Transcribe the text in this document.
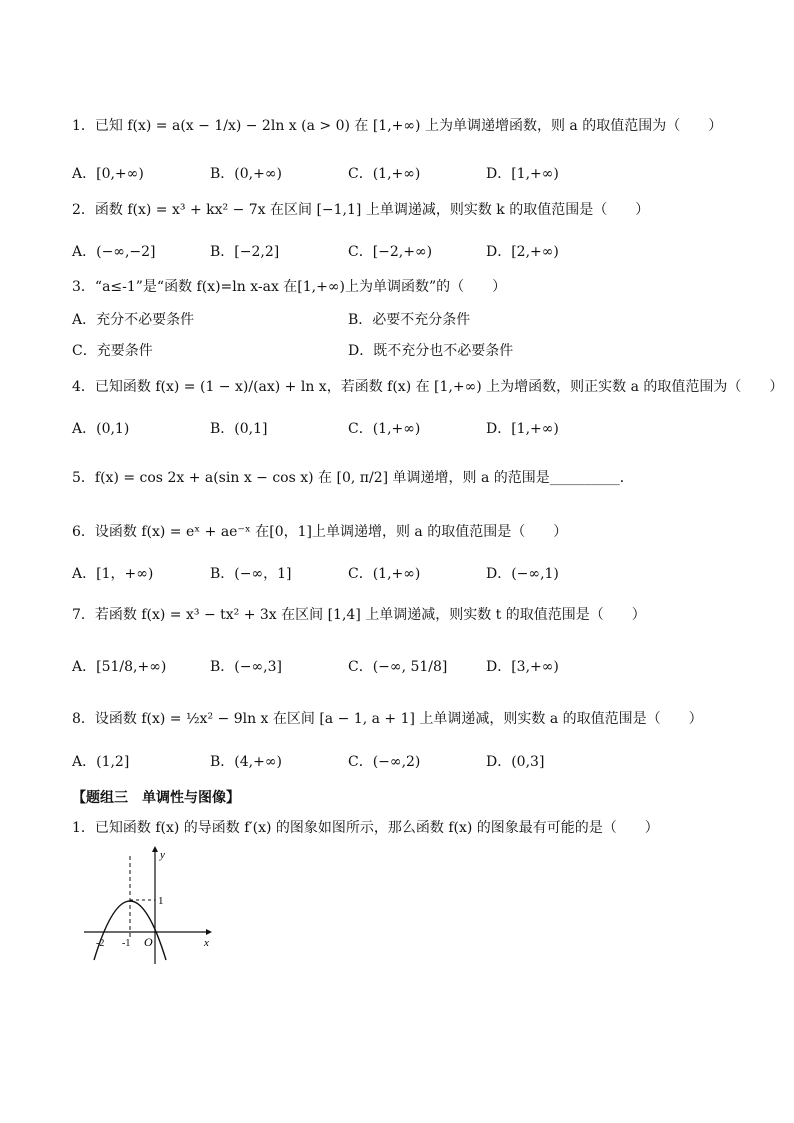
1．已知 f(x) = a(x − 1/x) − 2ln x (a > 0) 在 [1,+∞) 上为单调递增函数，则 a 的取值范围为（　　）
A．[0,+∞)	B．(0,+∞)	C．(1,+∞)	D．[1,+∞)
2．函数 f(x) = x³ + kx² − 7x 在区间 [−1,1] 上单调递减，则实数 k 的取值范围是（　　）
A．(−∞,−2]	B．[−2,2]	C．[−2,+∞)	D．[2,+∞)
3．“a≤-1”是“函数 f(x)=ln x-ax 在[1,+∞)上为单调函数”的（　　）
A．充分不必要条件	B．必要不充分条件
C．充要条件	D．既不充分也不必要条件
4．已知函数 f(x) = (1 − x)/(ax) + ln x，若函数 f(x) 在 [1,+∞) 上为增函数，则正实数 a 的取值范围为（　　）
A．(0,1)	B．(0,1]	C．(1,+∞)	D．[1,+∞)
5．f(x) = cos 2x + a(sin x − cos x) 在 [0, π/2] 单调递增，则 a 的范围是__________．
6．设函数 f(x) = eˣ + ae⁻ˣ 在[0，1]上单调递增，则 a 的取值范围是（　　）
A．[1，+∞)	B．(−∞，1]	C．(1,+∞)	D．(−∞,1)
7．若函数 f(x) = x³ − tx² + 3x 在区间 [1,4] 上单调递减，则实数 t 的取值范围是（　　）
A．[51/8,+∞)	B．(−∞,3]	C．(−∞, 51/8]	D．[3,+∞)
8．设函数 f(x) = ½x² − 9ln x 在区间 [a − 1, a + 1] 上单调递减，则实数 a 的取值范围是（　　）
A．(1,2]	B．(4,+∞)	C．(−∞,2)	D．(0,3]
【题组三　单调性与图像】
1．已知函数 f(x) 的导函数 f′(x) 的图象如图所示，那么函数 f(x) 的图象最有可能的是（　　）
y
x
1
-2 -1 O
